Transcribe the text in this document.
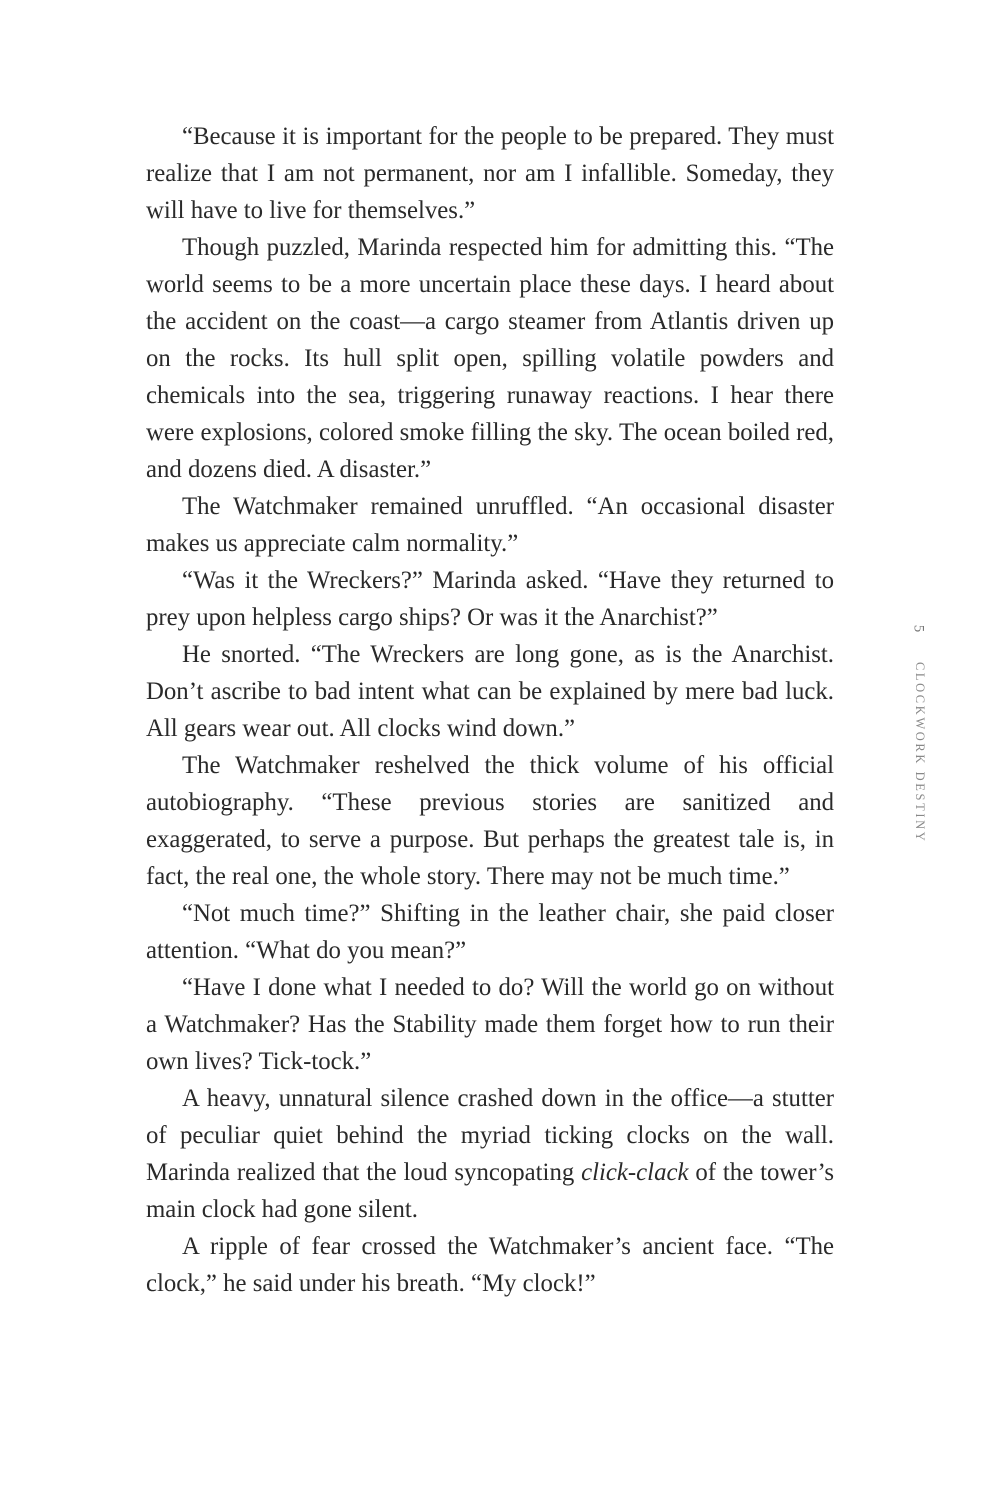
“Because it is important for the people to be prepared. They must realize that I am not permanent, nor am I infallible. Someday, they will have to live for themselves.”

Though puzzled, Marinda respected him for admitting this. “The world seems to be a more uncertain place these days. I heard about the accident on the coast—a cargo steamer from Atlantis driven up on the rocks. Its hull split open, spilling volatile powders and chemicals into the sea, triggering runaway reactions. I hear there were explosions, colored smoke filling the sky. The ocean boiled red, and dozens died. A disaster.”

The Watchmaker remained unruffled. “An occasional disaster makes us appreciate calm normality.”

“Was it the Wreckers?” Marinda asked. “Have they returned to prey upon helpless cargo ships? Or was it the Anarchist?”

He snorted. “The Wreckers are long gone, as is the Anarchist. Don’t ascribe to bad intent what can be explained by mere bad luck. All gears wear out. All clocks wind down.”

The Watchmaker reshelved the thick volume of his official autobiography. “These previous stories are sanitized and exaggerated, to serve a purpose. But perhaps the greatest tale is, in fact, the real one, the whole story. There may not be much time.”

“Not much time?” Shifting in the leather chair, she paid closer attention. “What do you mean?”

“Have I done what I needed to do? Will the world go on without a Watchmaker? Has the Stability made them forget how to run their own lives? Tick-tock.”

A heavy, unnatural silence crashed down in the office—a stutter of peculiar quiet behind the myriad ticking clocks on the wall. Marinda realized that the loud syncopating click-clack of the tower’s main clock had gone silent.

A ripple of fear crossed the Watchmaker’s ancient face. “The clock,” he said under his breath. “My clock!”

5
CLOCKWORK DESTINY
